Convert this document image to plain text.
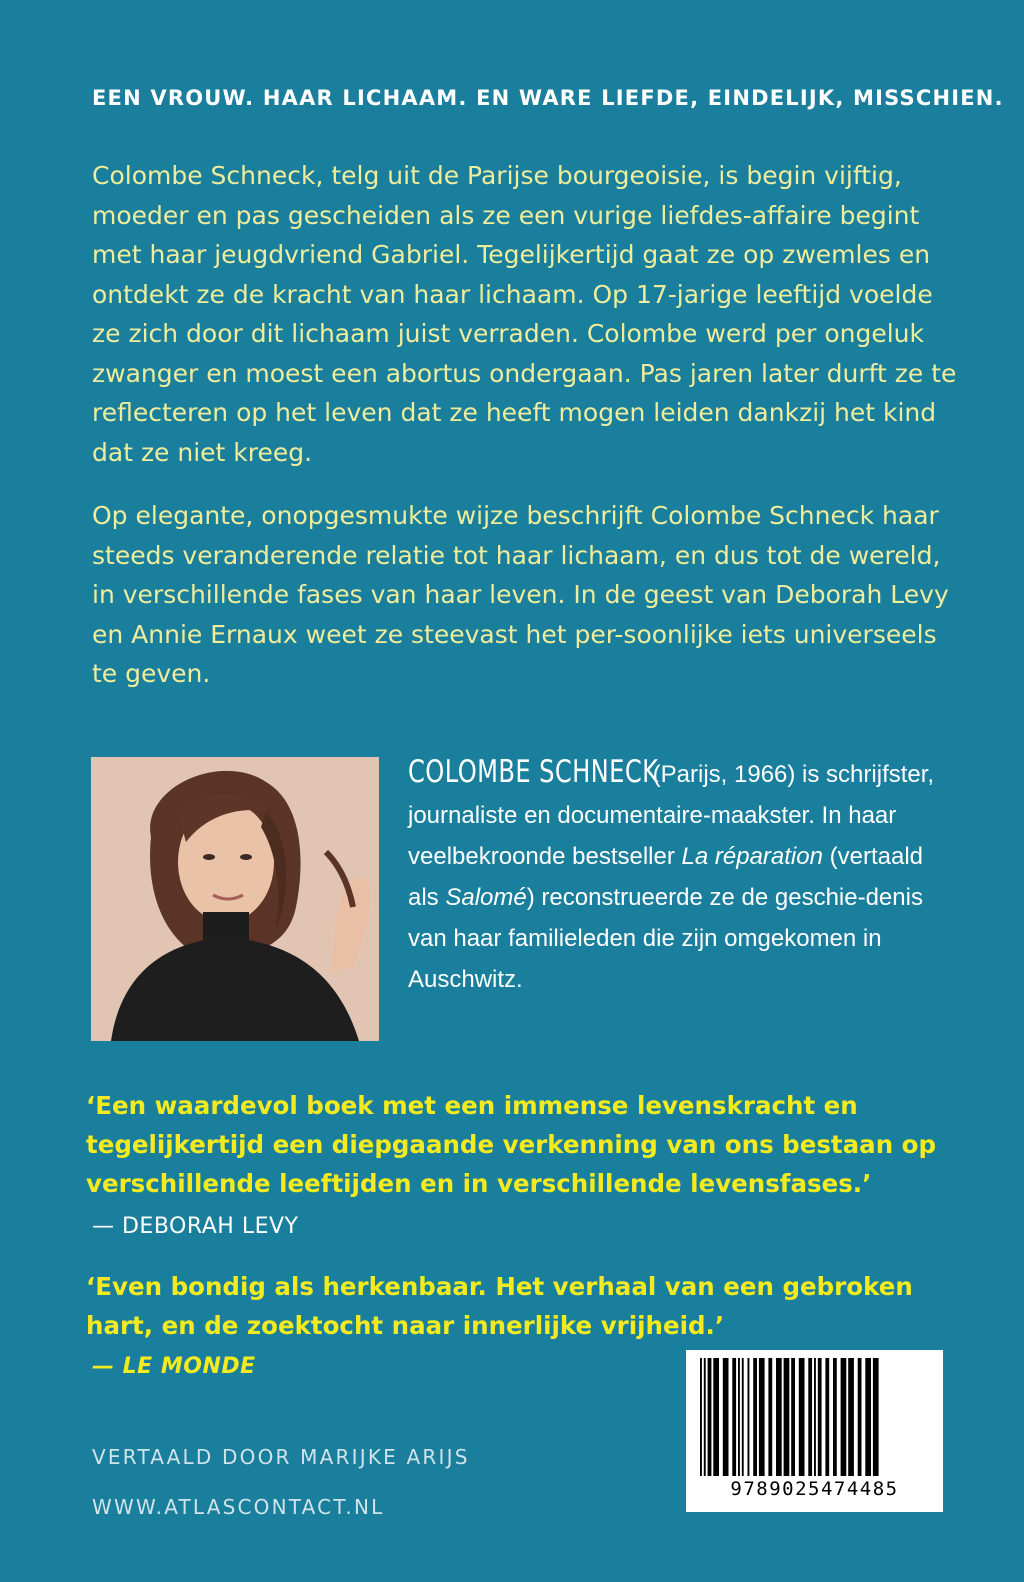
EEN VROUW. HAAR LICHAAM. EN WARE LIEFDE, EINDELIJK, MISSCHIEN.

Colombe Schneck, telg uit de Parijse bourgeoisie, is begin vijftig, moeder en pas gescheiden als ze een vurige liefdes-affaire begint met haar jeugdvriend Gabriel. Tegelijkertijd gaat ze op zwemles en ontdekt ze de kracht van haar lichaam. Op 17-jarige leeftijd voelde ze zich door dit lichaam juist verraden. Colombe werd per ongeluk zwanger en moest een abortus ondergaan. Pas jaren later durft ze te reflecteren op het leven dat ze heeft mogen leiden dankzij het kind dat ze niet kreeg.

Op elegante, onopgesmukte wijze beschrijft Colombe Schneck haar steeds veranderende relatie tot haar lichaam, en dus tot de wereld, in verschillende fases van haar leven. In de geest van Deborah Levy en Annie Ernaux weet ze steevast het per-soonlijke iets universeels te geven.

COLOMBE SCHNECK (Parijs, 1966) is schrijfster, journaliste en documentaire-maakster. In haar veelbekroonde bestseller La réparation (vertaald als Salomé) reconstrueerde ze de geschie-denis van haar familieleden die zijn omgekomen in Auschwitz.

‘Een waardevol boek met een immense levenskracht en tegelijkertijd een diepgaande verkenning van ons bestaan op verschillende leeftijden en in verschillende levensfases.’

— DEBORAH LEVY

‘Even bondig als herkenbaar. Het verhaal van een gebroken hart, en de zoektocht naar innerlijke vrijheid.’

— LE MONDE
VERTAALD DOOR MARIJKE ARIJS
WWW.ATLASCONTACT.NL
9789025474485
